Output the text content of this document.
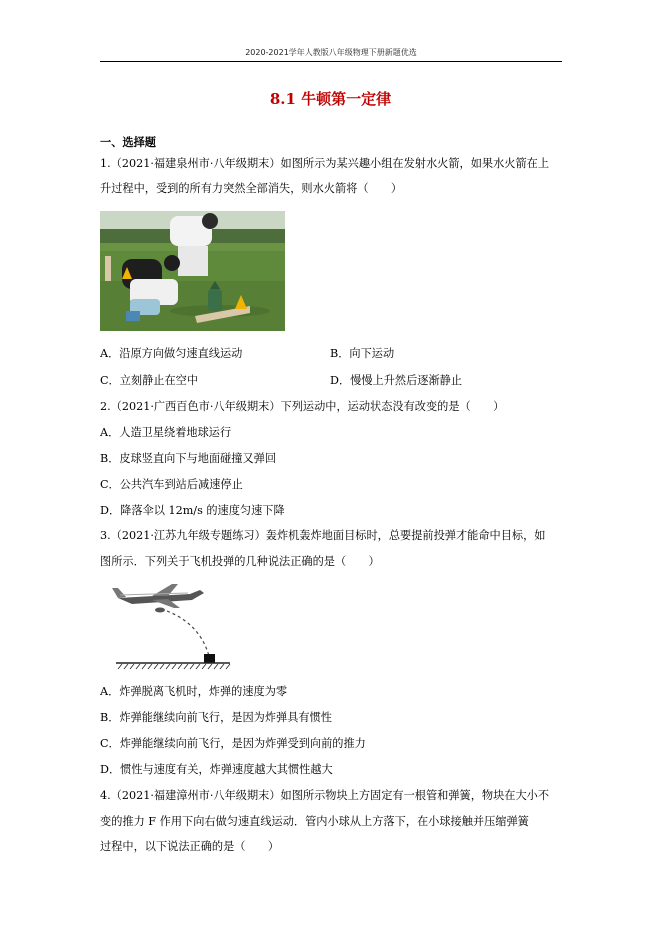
2020-2021学年人教版八年级物理下册新题优选
8.1 牛顿第一定律
一、选择题
1.（2021·福建泉州市·八年级期末）如图所示为某兴趣小组在发射水火箭，如果水火箭在上
升过程中，受到的所有力突然全部消失，则水火箭将（　　）
A．沿原方向做匀速直线运动	B．向下运动
C．立刻静止在空中	D．慢慢上升然后逐渐静止
2.（2021·广西百色市·八年级期末）下列运动中，运动状态没有改变的是（　　）
A．人造卫星绕着地球运行
B．皮球竖直向下与地面碰撞又弹回
C．公共汽车到站后减速停止
D．降落伞以 12m/s 的速度匀速下降
3.（2021·江苏九年级专题练习）轰炸机轰炸地面目标时，总要提前投弹才能命中目标，如
图所示．下列关于飞机投弹的几种说法正确的是（　　）
A．炸弹脱离飞机时，炸弹的速度为零
B．炸弹能继续向前飞行，是因为炸弹具有惯性
C．炸弹能继续向前飞行，是因为炸弹受到向前的推力
D．惯性与速度有关，炸弹速度越大其惯性越大
4.（2021·福建漳州市·八年级期末）如图所示物块上方固定有一根管和弹簧，物块在大小不
变的推力 F 作用下向右做匀速直线运动．管内小球从上方落下，在小球接触并压缩弹簧
过程中，以下说法正确的是（　　）
